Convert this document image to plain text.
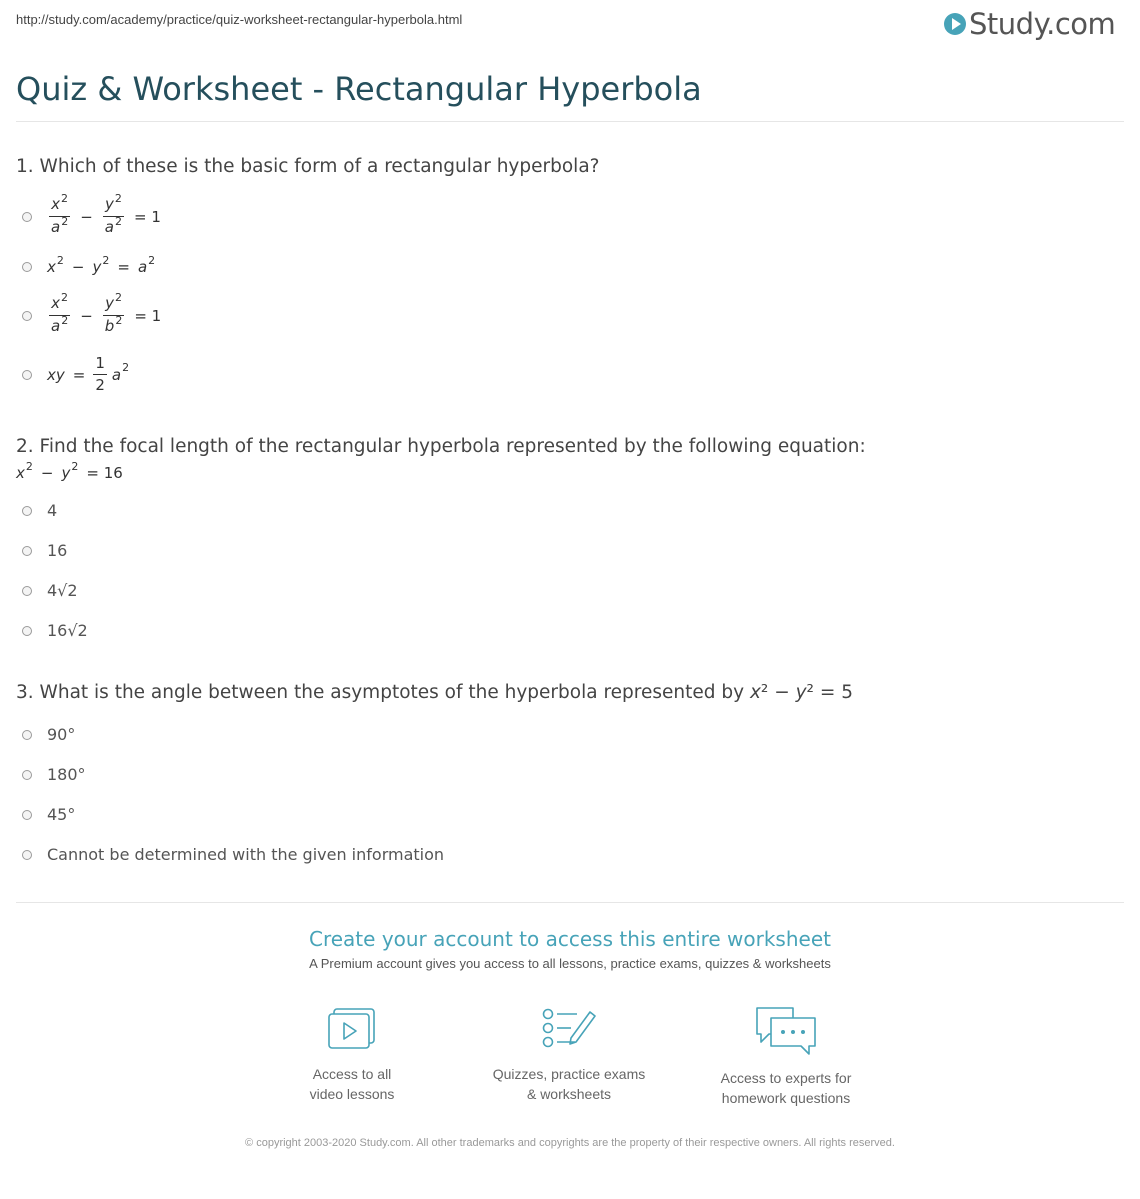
http://study.com/academy/practice/quiz-worksheet-rectangular-hyperbola.html	Study.com
Quiz & Worksheet - Rectangular Hyperbola
1. Which of these is the basic form of a rectangular hyperbola?
$\frac{x^2}{a^2} - \frac{y^2}{a^2} = 1$
x 2 − y 2 = a 2
$\frac{x^2}{a^2} - \frac{y^2}{b^2} = 1$
xy = $\frac{1}{2}$ a 2
2. Find the focal length of the rectangular hyperbola represented by the following equation:
x 2 − y 2 = 16
4
16
4√2
16√2
3. What is the angle between the asymptotes of the hyperbola represented by x² − y² = 5
90°
180°
45°
Cannot be determined with the given information
Create your account to access this entire worksheet
A Premium account gives you access to all lessons, practice exams, quizzes & worksheets
Access to all
video lessons
Quizzes, practice exams
& worksheets
Access to experts for
homework questions
© copyright 2003-2020 Study.com. All other trademarks and copyrights are the property of their respective owners. All rights reserved.
